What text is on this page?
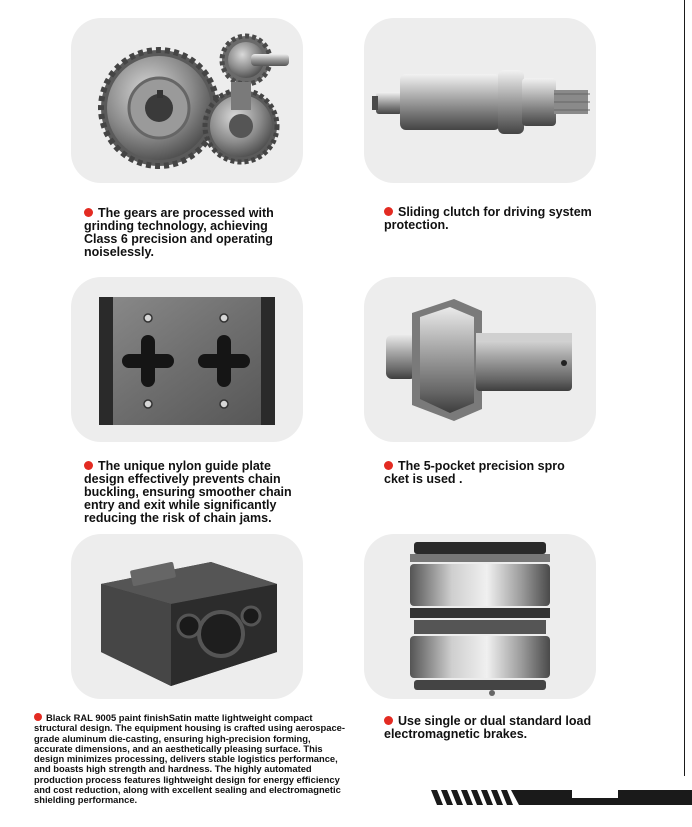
The gears are processed with grinding technology, achieving Class 6 precision and operating noiselessly.
Sliding clutch for driving system protection.
The unique nylon guide plate design effectively prevents chain buckling, ensuring smoother chain entry and exit while significantly reducing the risk of chain jams.
The 5-pocket precision spro cket is used .
Black RAL 9005 paint finishSatin matte lightweight compact structural design. The equipment housing is crafted using aerospace-grade aluminum die-casting, ensuring high-precision forming, accurate dimensions, and an aesthetically pleasing surface. This design minimizes processing, delivers stable logistics performance, and boasts high strength and hardness. The highly automated production process features lightweight design for energy efficiency and cost reduction, along with excellent sealing and electromagnetic shielding performance.
Use single or dual standard load electromagnetic brakes.
